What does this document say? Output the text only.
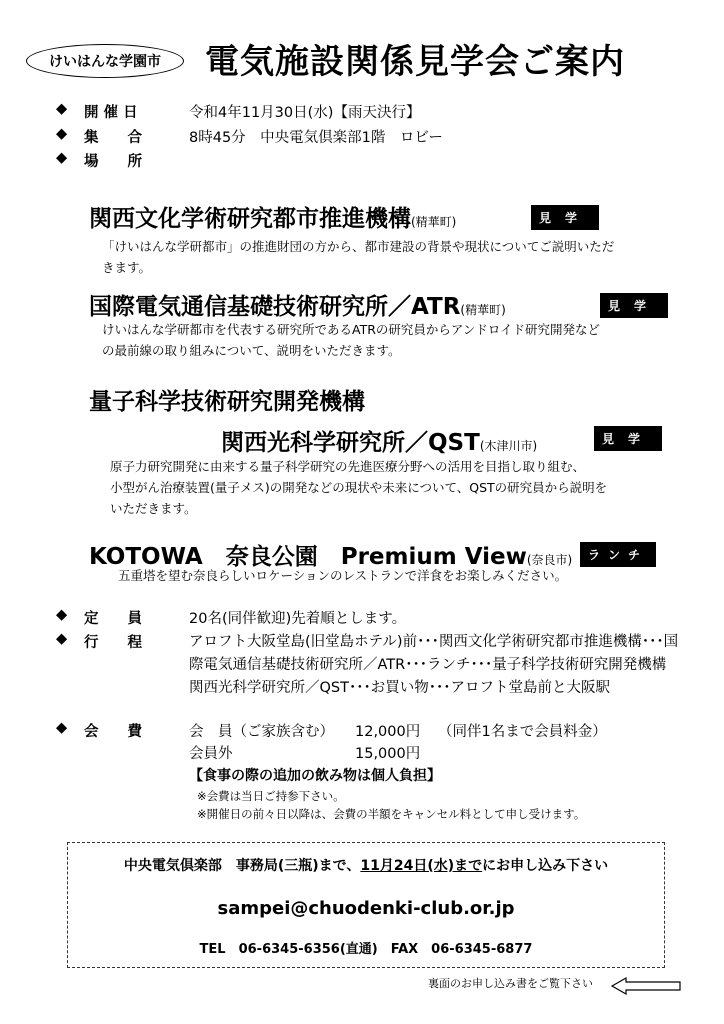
けいはんな学園市 電気施設関係見学会ご案内
◆	開 催 日	令和4年11月30日(水)【雨天決行】
◆	集　　合	8時45分　中央電気倶楽部1階　ロビー
◆	場　　所
関西文化学術研究都市推進機構(精華町)	見学
「けいはんな学研都市」の推進財団の方から、都市建設の背景や現状についてご説明いただ
きます。
国際電気通信基礎技術研究所／ATR(精華町)	見学
けいはんな学研都市を代表する研究所であるATRの研究員からアンドロイド研究開発など
の最前線の取り組みについて、説明をいただきます。
量子科学技術研究開発機構
関西光科学研究所／QST(木津川市)	見学
原子力研究開発に由来する量子科学研究の先進医療分野への活用を目指し取り組む、
小型がん治療装置(量子メス)の開発などの現状や未来について、QSTの研究員から説明を
いただきます。
KOTOWA　奈良公園　Premium View(奈良市)	ランチ
五重塔を望む奈良らしいロケーションのレストランで洋食をお楽しみください。
◆	定　　員	20名(同伴歓迎)先着順とします。
◆	行　　程	アロフト大阪堂島(旧堂島ホテル)前･･･関西文化学術研究都市推進機構･･･国際電気通信基礎技術研究所／ATR･･･ランチ･･･量子科学技術研究開発機構　関西光科学研究所／QST･･･お買い物･･･アロフト堂島前と大阪駅
◆	会　　費	会　員（ご家族含む） 12,000円 （同伴1名まで会員料金）
会員外	15,000円
【食事の際の追加の飲み物は個人負担】
※会費は当日ご持参下さい。
※開催日の前々日以降は、会費の半額をキャンセル料として申し受けます。
中央電気倶楽部　事務局(三瓶)まで、11月24日(水)までにお申し込み下さい
sampei@chuodenki-club.or.jp
TEL　06-6345-6356(直通)　FAX　06-6345-6877
裏面のお申し込み書をご覧下さい
